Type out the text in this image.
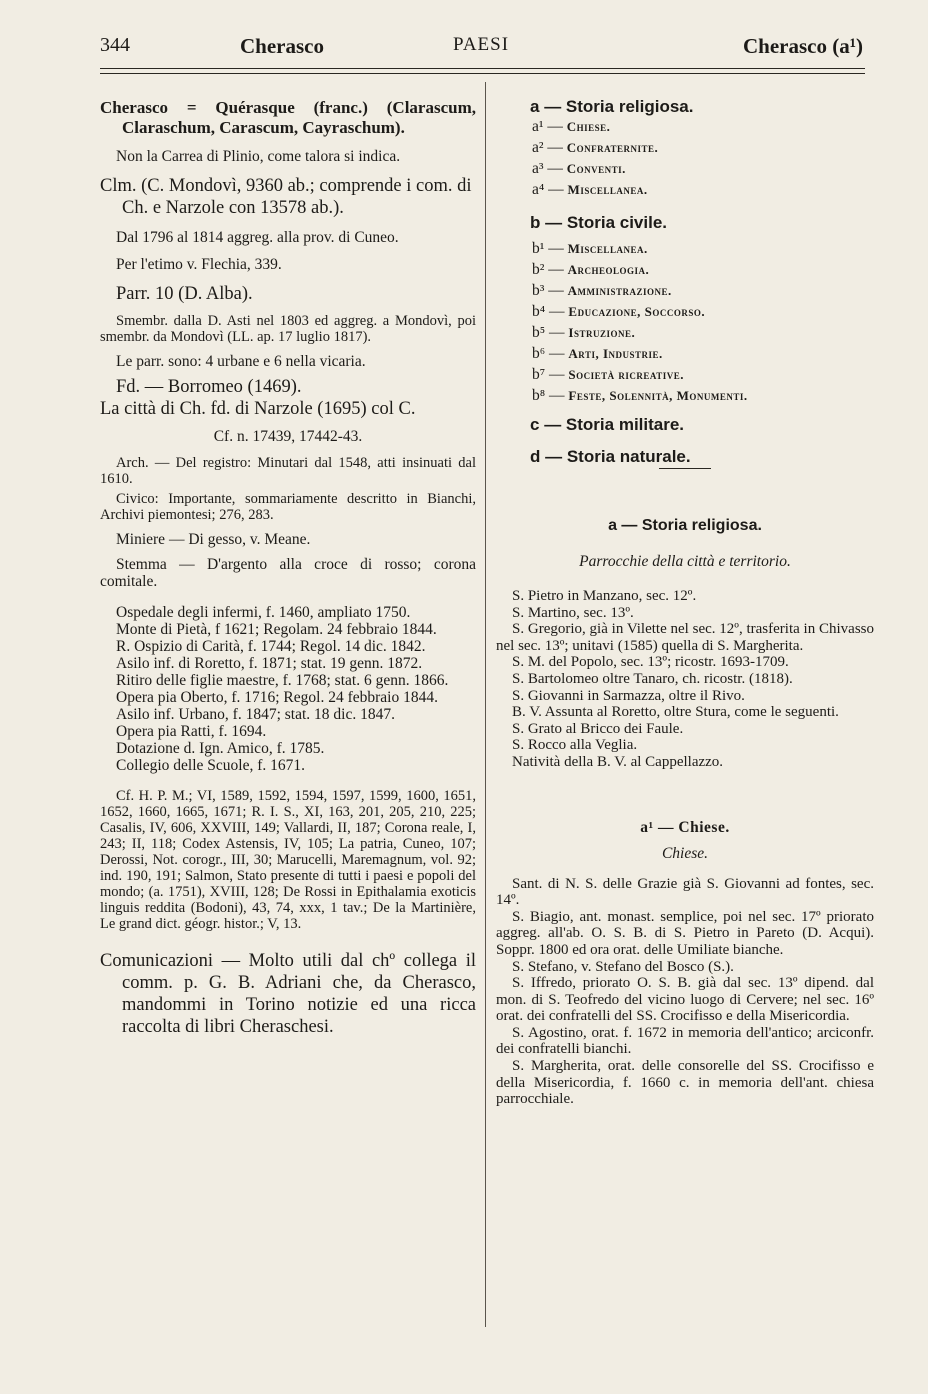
344	Cherasco	PAESI	Cherasco (a¹)

Cherasco = Quérasque (franc.) (Clarascum, Claraschum, Carascum, Cayraschum).

Non la Carrea di Plinio, come talora si indica.

Clm. (C. Mondovì, 9360 ab.; comprende i com. di Ch. e Narzole con 13578 ab.).

Dal 1796 al 1814 aggreg. alla prov. di Cuneo.

Per l'etimo v. Flechia, 339.

Parr. 10 (D. Alba).

Smembr. dalla D. Asti nel 1803 ed aggreg. a Mondovì, poi smembr. da Mondovì (LL. ap. 17 luglio 1817).

Le parr. sono: 4 urbane e 6 nella vicaria.

Fd. — Borromeo (1469).

La città di Ch. fd. di Narzole (1695) col C.

Cf. n. 17439, 17442-43.

Arch. — Del registro: Minutari dal 1548, atti insinuati dal 1610.

Civico: Importante, sommariamente descritto in Bianchi, Archivi piemontesi; 276, 283.

Miniere — Di gesso, v. Meane.

Stemma — D'argento alla croce di rosso; corona comitale.

Ospedale degli infermi, f. 1460, ampliato 1750.

Monte di Pietà, f 1621; Regolam. 24 febbraio 1844.

R. Ospizio di Carità, f. 1744; Regol. 14 dic. 1842.

Asilo inf. di Roretto, f. 1871; stat. 19 genn. 1872.

Ritiro delle figlie maestre, f. 1768; stat. 6 genn. 1866.

Opera pia Oberto, f. 1716; Regol. 24 febbraio 1844.

Asilo inf. Urbano, f. 1847; stat. 18 dic. 1847.

Opera pia Ratti, f. 1694.

Dotazione d. Ign. Amico, f. 1785.

Collegio delle Scuole, f. 1671.

Cf. H. P. M.; VI, 1589, 1592, 1594, 1597, 1599, 1600, 1651, 1652, 1660, 1665, 1671; R. I. S., XI, 163, 201, 205, 210, 225; Casalis, IV, 606, XXVIII, 149; Vallardi, II, 187; Corona reale, I, 243; II, 118; Codex Astensis, IV, 105; La patria, Cuneo, 107; Derossi, Not. corogr., III, 30; Marucelli, Maremagnum, vol. 92; ind. 190, 191; Salmon, Stato presente di tutti i paesi e popoli del mondo; (a. 1751), XVIII, 128; De Rossi in Epithalamia exoticis linguis reddita (Bodoni), 43, 74, xxx, 1 tav.; De la Martinière, Le grand dict. géogr. histor.; V, 13.

Comunicazioni — Molto utili dal chº collega il comm. p. G. B. Adriani che, da Cherasco, mandommi in Torino notizie ed una ricca raccolta di libri Cheraschesi.

a — Storia religiosa.

a¹ — Chiese.

a² — Confraternite.

a³ — Conventi.

a⁴ — Miscellanea.

b — Storia civile.

b¹ — Miscellanea.

b² — Archeologia.

b³ — Amministrazione.

b⁴ — Educazione, Soccorso.

b⁵ — Istruzione.

b⁶ — Arti, Industrie.

b⁷ — Società ricreative.

b⁸ — Feste, Solennità, Monumenti.

c — Storia militare.

d — Storia naturale.

a — Storia religiosa.

Parrocchie della città e territorio.

S. Pietro in Manzano, sec. 12º.

S. Martino, sec. 13º.

S. Gregorio, già in Vilette nel sec. 12º, trasferita in Chivasso nel sec. 13º; unitavi (1585) quella di S. Margherita.

S. M. del Popolo, sec. 13º; ricostr. 1693-1709.

S. Bartolomeo oltre Tanaro, ch. ricostr. (1818).

S. Giovanni in Sarmazza, oltre il Rivo.

B. V. Assunta al Roretto, oltre Stura, come le seguenti.

S. Grato al Bricco dei Faule.

S. Rocco alla Veglia.

Natività della B. V. al Cappellazzo.

a¹ — Chiese.

Chiese.

Sant. di N. S. delle Grazie già S. Giovanni ad fontes, sec. 14º.

S. Biagio, ant. monast. semplice, poi nel sec. 17º priorato aggreg. all'ab. O. S. B. di S. Pietro in Pareto (D. Acqui). Soppr. 1800 ed ora orat. delle Umiliate bianche.

S. Stefano, v. Stefano del Bosco (S.).

S. Iffredo, priorato O. S. B. già dal sec. 13º dipend. dal mon. di S. Teofredo del vicino luogo di Cervere; nel sec. 16º orat. dei confratelli del SS. Crocifisso e della Misericordia.

S. Agostino, orat. f. 1672 in memoria dell'antico; arciconfr. dei confratelli bianchi.

S. Margherita, orat. delle consorelle del SS. Crocifisso e della Misericordia, f. 1660 c. in memoria dell'ant. chiesa parrocchiale.
